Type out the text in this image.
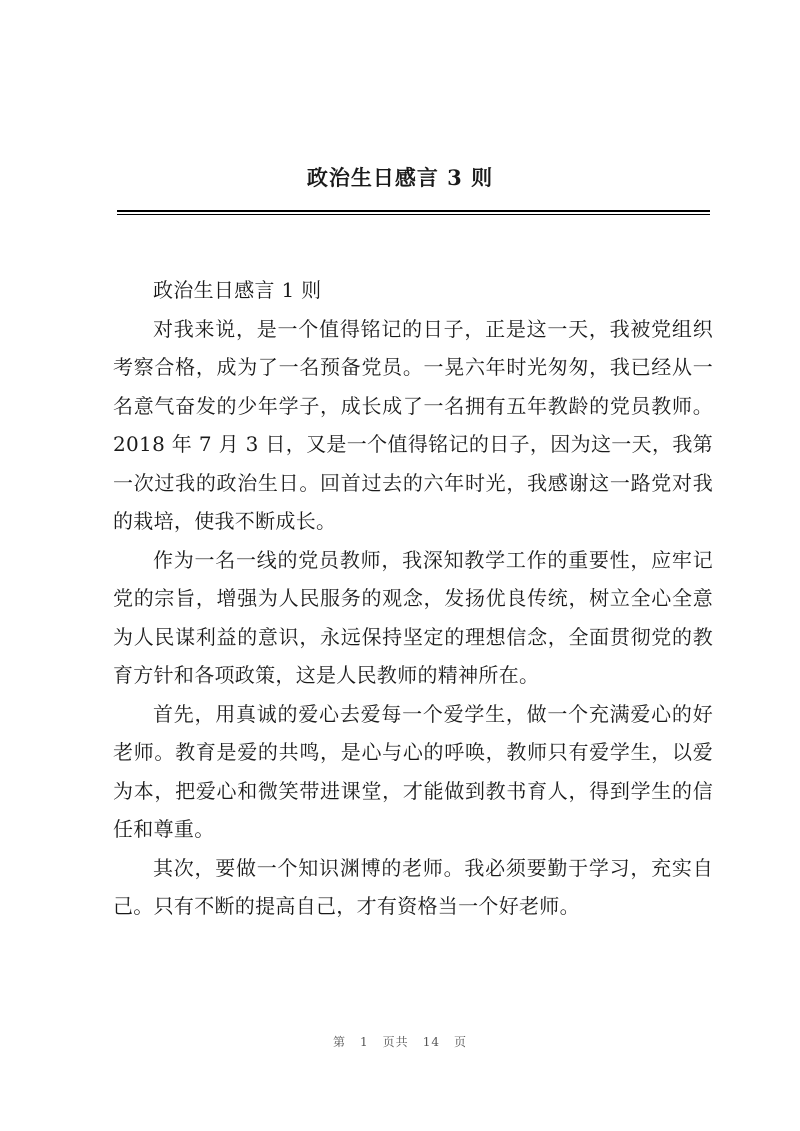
政治生日感言 3 则

政治生日感言 1 则

对我来说，是一个值得铭记的日子，正是这一天，我被党组织考察合格，成为了一名预备党员。一晃六年时光匆匆，我已经从一名意气奋发的少年学子，成长成了一名拥有五年教龄的党员教师。2018 年 7 月 3 日，又是一个值得铭记的日子，因为这一天，我第一次过我的政治生日。回首过去的六年时光，我感谢这一路党对我的栽培，使我不断成长。

作为一名一线的党员教师，我深知教学工作的重要性，应牢记党的宗旨，增强为人民服务的观念，发扬优良传统，树立全心全意为人民谋利益的意识，永远保持坚定的理想信念，全面贯彻党的教育方针和各项政策，这是人民教师的精神所在。

首先，用真诚的爱心去爱每一个爱学生，做一个充满爱心的好老师。教育是爱的共鸣，是心与心的呼唤，教师只有爱学生，以爱为本，把爱心和微笑带进课堂，才能做到教书育人，得到学生的信任和尊重。

其次，要做一个知识渊博的老师。我必须要勤于学习，充实自己。只有不断的提高自己，才有资格当一个好老师。

第 1 页共 14 页
